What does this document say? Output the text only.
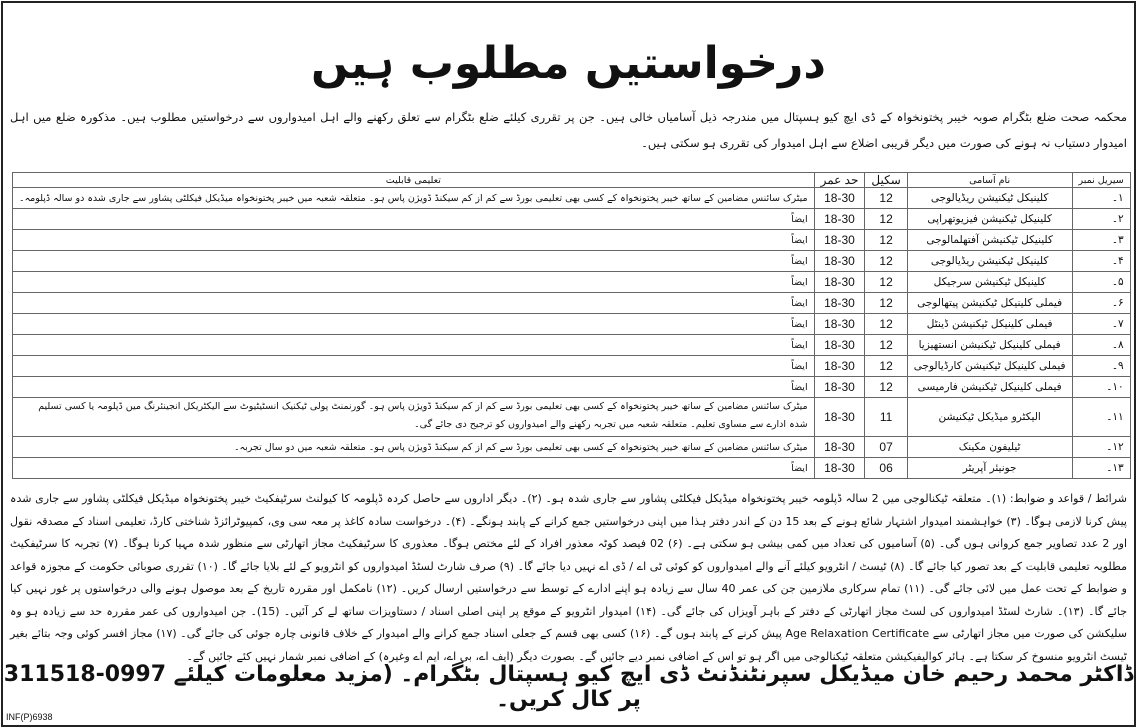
درخواستیں مطلوب ہیں
محکمہ صحت ضلع بٹگرام صوبہ خیبر پختونخواہ کے ڈی ایچ کیو ہسپتال میں مندرجہ ذیل آسامیاں خالی ہیں۔ جن پر تقرری کیلئے ضلع بٹگرام سے تعلق رکھنے والے اہل امیدواروں سے درخواستیں مطلوب ہیں۔ مذکورہ ضلع میں اہل امیدوار دستیاب نہ ہونے کی صورت میں دیگر قریبی اضلاع سے اہل امیدوار کی تقرری ہو سکتی ہیں۔
سیریل نمبر	نام آسامی	سکیل	حد عمر	تعلیمی قابلیت
۱۔	کلینیکل ٹیکنیشن ریڈیالوجی	12	18-30	میٹرک سائنس مضامین کے ساتھ خیبر پختونخواہ کے کسی بھی تعلیمی بورڈ سے کم از کم سیکنڈ ڈویژن پاس ہو۔ متعلقہ شعبہ میں خیبر پختونخواہ میڈیکل فیکلٹی پشاور سے جاری شدہ دو سالہ ڈپلومہ۔
۲۔	کلینیکل ٹیکنیشن فیزیوتھراپی	12	18-30	ایضاً
۳۔	کلینیکل ٹیکنیشن آفتھلمالوجی	12	18-30	ایضاً
۴۔	کلینیکل ٹیکنیشن ریڈیالوجی	12	18-30	ایضاً
۵۔	کلینیکل ٹیکنیشن سرجیکل	12	18-30	ایضاً
۶۔	فیملی کلینیکل ٹیکنیشن پیتھالوجی	12	18-30	ایضاً
۷۔	فیملی کلینیکل ٹیکنیشن ڈینٹل	12	18-30	ایضاً
۸۔	فیملی کلینیکل ٹیکنیشن انستھیزیا	12	18-30	ایضاً
۹۔	فیملی کلینیکل ٹیکنیشن کارڈیالوجی	12	18-30	ایضاً
۱۰۔	فیملی کلینیکل ٹیکنیشن فارمیسی	12	18-30	ایضاً
۱۱۔	الیکٹرو میڈیکل ٹیکنیشن	11	18-30	میٹرک سائنس مضامین کے ساتھ خیبر پختونخواہ کے کسی بھی تعلیمی بورڈ سے کم از کم سیکنڈ ڈویژن پاس ہو۔ گورنمنٹ پولی ٹیکنیک انسٹیٹیوٹ سے الیکٹریکل انجینئرنگ میں ڈپلومہ یا کسی تسلیم شدہ ادارے سے مساوی تعلیم۔ متعلقہ شعبہ میں تجربہ رکھنے والے امیدواروں کو ترجیح دی جائے گی۔
۱۲۔	ٹیلیفون مکینک	07	18-30	میٹرک سائنس مضامین کے ساتھ خیبر پختونخواہ کے کسی بھی تعلیمی بورڈ سے کم از کم سیکنڈ ڈویژن پاس ہو۔ متعلقہ شعبہ میں دو سال تجربہ۔
۱۳۔	جونیئر آپریٹر	06	18-30	ایضاً
شرائط / قواعد و ضوابط: (۱)۔ متعلقہ ٹیکنالوجی میں 2 سالہ ڈپلومہ خیبر پختونخواہ میڈیکل فیکلٹی پشاور سے جاری شدہ ہو۔ (۲)۔ دیگر اداروں سے حاصل کردہ ڈپلومہ کا کیولنٹ سرٹیفکیٹ خیبر پختونخواہ میڈیکل فیکلٹی پشاور سے جاری شدہ پیش کرنا لازمی ہوگا۔ (۳) خواہشمند امیدوار اشتہار شائع ہونے کے بعد 15 دن کے اندر دفتر ہذا میں اپنی درخواستیں جمع کرانے کے پابند ہونگے۔ (۴)۔ درخواست سادہ کاغذ پر معہ سی وی، کمپیوٹرائزڈ شناختی کارڈ، تعلیمی اسناد کے مصدقہ نقول اور 2 عدد تصاویر جمع کروانی ہوں گی۔ (۵) آسامیوں کی تعداد میں کمی بیشی ہو سکتی ہے۔ (۶) 02 فیصد کوٹہ معذور افراد کے لئے مختص ہوگا۔ معذوری کا سرٹیفکیٹ مجاز اتھارٹی سے منظور شدہ مہیا کرنا ہوگا۔ (۷) تجربہ کا سرٹیفکیٹ مطلوبہ تعلیمی قابلیت کے بعد تصور کیا جائے گا۔ (۸) ٹیسٹ / انٹرویو کیلئے آنے والے امیدواروں کو کوئی ٹی اے / ڈی اے نہیں دیا جائے گا۔ (۹) صرف شارٹ لسٹڈ امیدواروں کو انٹرویو کے لئے بلایا جائے گا۔ (۱۰) تقرری صوبائی حکومت کے مجوزہ قواعد و ضوابط کے تحت عمل میں لائی جائے گی۔ (۱۱) تمام سرکاری ملازمین جن کی عمر 40 سال سے زیادہ ہو اپنے ادارے کے توسط سے درخواستیں ارسال کریں۔ (۱۲) نامکمل اور مقررہ تاریخ کے بعد موصول ہونے والی درخواستوں پر غور نہیں کیا جائے گا۔ (۱۳)۔ شارٹ لسٹڈ امیدواروں کی لسٹ مجاز اتھارٹی کے دفتر کے باہر آویزاں کی جائے گی۔ (۱۴) امیدوار انٹرویو کے موقع پر اپنی اصلی اسناد / دستاویزات ساتھ لے کر آئیں۔ (15)۔ جن امیدواروں کی عمر مقررہ حد سے زیادہ ہو وہ سلیکشن کی صورت میں مجاز اتھارٹی سے Age Relaxation Certificate پیش کرنے کے پابند ہوں گے۔ (۱۶) کسی بھی قسم کے جعلی اسناد جمع کرانے والے امیدوار کے خلاف قانونی چارہ جوئی کی جائے گی۔ (۱۷) مجاز افسر کوئی وجہ بتائے بغیر ٹیسٹ انٹرویو منسوخ کر سکتا ہے۔ ہائر کوالیفیکیشن متعلقہ ٹیکنالوجی میں اگر ہو تو اس کے اضافی نمبر دیے جائیں گے۔ بصورت دیگر (ایف اے، بی اے، ایم اے وغیرہ) کے اضافی نمبر شمار نہیں کئے جائیں گے۔
ڈاکٹر محمد رحیم خان میڈیکل سپرنٹنڈنٹ ڈی ایچ کیو ہسپتال بٹگرام۔ (مزید معلومات کیلئے 0997-311518 پر کال کریں۔
INF(P)6938
